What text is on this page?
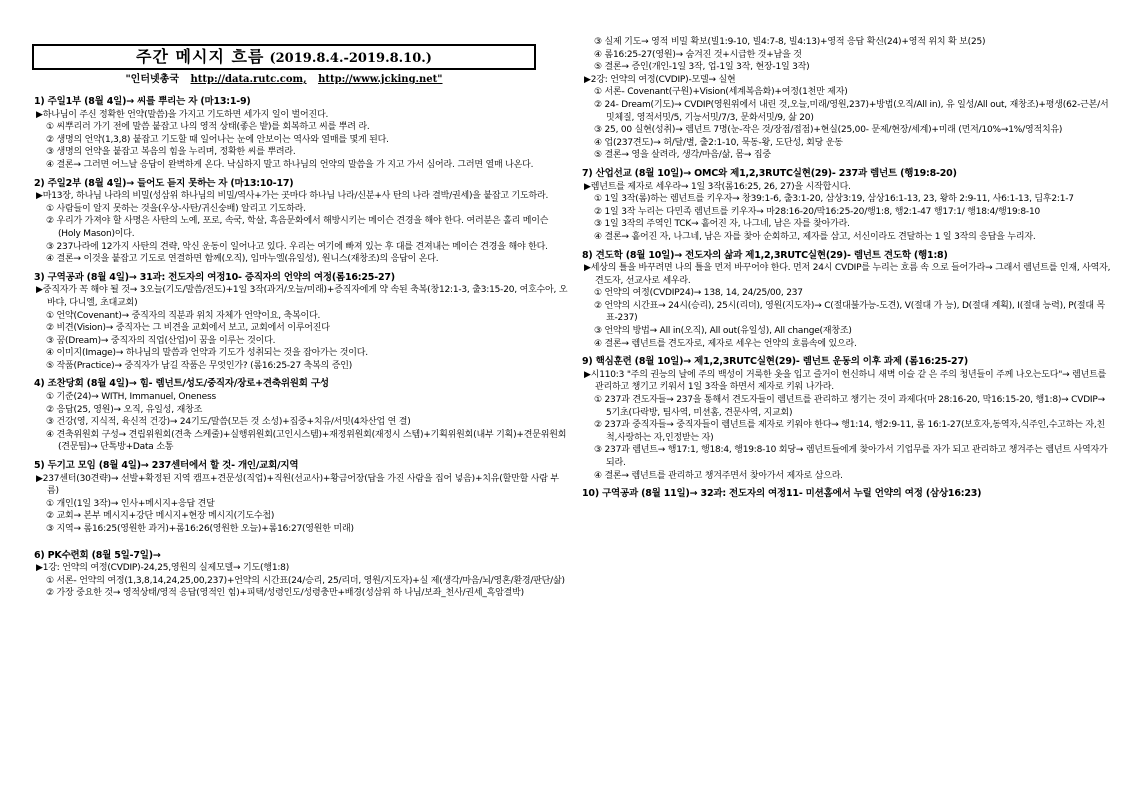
주간 메시지 흐름 (2019.8.4.-2019.8.10.)
"인터넷총국 http://data.rutc.com, http://www.jcking.net"
1) 주일1부 (8월 4일)→ 씨를 뿌리는 자 (마13:1-9)
▶하나님이 주신 정확한 언약(말씀)을 가지고 기도하면 세가지 일이 벌어진다.
① 씨뿌리러 가기 전에 말씀 붙잡고 나의 영적 상태(좋은 밭)를 회복하고 씨를 뿌려 라.
② 생명의 언약(1,3,8) 붙잡고 기도할 때 일어나는 눈에 안보이는 역사와 열매를 몇게 된다.
③ 생명의 언약을 붙잡고 복음의 힘을 누리며, 정확한 씨를 뿌려라.
④ 결론→ 그러면 어느날 응답이 완벽하게 온다. 낙심하지 말고 하나님의 언약의 말씀을 가 지고 가서 심어라. 그러면 열매 나온다.
2) 주일2부 (8월 4일)→ 들어도 듣지 못하는 자 (마13:10-17)
▶마13장, 하나님 나라의 비밀(성삼위 하나님의 비밀/역사+가는 곳마다 하나님 나라/신분+사 탄의 나라 결박/권세)을 붙잡고 기도하라.
① 사람들이 알지 못하는 것을(우상-사탄/귀신숭배) 알리고 기도하라.
② 우리가 가져야 할 사명은 사탄의 노예, 포로, 속국, 학살, 흑음문화에서 해방시키는 메이슨 견경을 해야 한다. 여러분은 홀리 메이슨(Holy Mason)이다.
③ 237나라에 12가지 사탄의 견략, 악신 운동이 일어나고 있다. 우리는 여기에 빠져 있는 후 대를 견져내는 메이슨 견경을 해야 한다.
④ 결론→ 이것을 붙잡고 기도로 연결하면 함께(오직), 임마누엘(유일성), 원니스(재창조)의 응답이 온다.
3) 구역공과 (8월 4일)→ 31과: 전도자의 여정10- 증직자의 언약의 여정(롬16:25-27)
▶중직자가 꼭 해야 될 것→ 3오늘(기도/말씀/전도)+1일 3작(과거/오늘/미래)+증직자에게 약 속된 축복(창12:1-3, 출3:15-20, 여호수아, 오바댜, 다니엘, 초대교회)
① 언약(Covenant)→ 중직자의 직분과 위치 자체가 언약이요, 축복이다.
② 비견(Vision)→ 중직자는 그 비견을 교회에서 보고, 교회에서 이루어진다
③ 꿈(Dream)→ 중직자의 직업(산업)이 꿈을 이루는 것이다.
④ 이미지(Image)→ 하나님의 말씀과 언약과 기도가 성취되는 것을 잡아가는 것이다.
⑤ 작품(Practice)→ 중직자가 남길 작품은 무엇인가? (롬16:25-27 축복의 증인)
4) 조찬당회 (8월 4일)→ 힘- 렘넌트/성도/중직자/장로+견축위원회 구성
① 기준(24)→ WITH, Immanuel, Oneness
② 응답(25, 영원)→ 오직, 유일성, 재창조
③ 건강(영, 지식적, 육신적 건강)→ 24기도/말씀(모든 것 소성)+집중+치유/서밋(4차산업 연 결)
④ 견축위원회 구성→ 견립위원회(견축 스케줄)+실행위원회(고인시스템)+재정위원회(재정시 스템)+기획위원회(내부 기획)+견문위원회(견문팀)→ 단톡방+Data 소통
5) 두기고 모임 (8월 4일)→ 237센터에서 할 것- 개인/교회/지역
▶237센터(30견략)→ 선발+확정된 지역 캠프+견문성(직업)+직원(선교사)+황금어장(답을 가진 사람을 집어 넣음)+치유(할만할 사람 부름)
① 개인(1일 3작)→ 인사+메시지+응답 견달
② 교회→ 본부 메시지+강단 메시지+현장 메시지(기도수첩)
③ 지역→ 롬16:25(영원한 과거)+롬16:26(영원한 오늘)+롬16:27(영원한 미래)
6) PK수련회 (8월 5일-7일)→
▶1강: 언약의 여정(CVDIP)-24,25,영원의 실제모델→ 기도(행1:8)
① 서론- 언약의 여정(1,3,8,14,24,25,00,237)+언약의 시간표(24/승리, 25/리더, 영원/지도자)+실 제(생각/마음/뇌/영혼/환경/판단/삶)
② 가장 중요한 것→ 영적상태/영적 응답(영적인 힘)+피택/성령인도/성령충만+배경(성삼위 하 나님/보좌_천사/권세_흑암결박)
③ 실제 기도→ 영적 비밀 확보(빌1:9-10, 빌4:7-8, 빌4:13)+영적 응답 확신(24)+영적 위치 확 보(25)
④ 롬16:25-27(영원)→ 숨겨진 것+시급한 것+남을 것
⑤ 결론→ 증인(개인-1일 3작, 업-1일 3작, 현장-1일 3작)
▶2강: 언약의 여정(CVDIP)-모델→ 실현
① 서론- Covenant(구원)+Vision(세계복음화)+여정(1천만 제자)
② 24- Dream(기도)→ CVDIP(영원위에서 내린 것,오늘,미래/영원,237)+방법(오직/All in), 유 일성/All out, 재창조)+평생(62-근본/서밋체질, 영적서밋/5, 기능서밋/7/3, 문화서밋/9, 삶 20)
③ 25, 00 실현(성취)→ 렘넌트 7명(눈-작은 것/장점/접점)+현실(25,00- 문제/현장/세계)+미래 (먼저/10%→1%/영적치유)
④ 업(237견도)→ 허/달/별, 출2:1-10, 묵동-왕, 도단성, 회당 운동
⑤ 결론→ 영을 살려라, 생각/마음/삶, 몸→ 집중
7) 산업선교 (8월 10일)→ OMC와 제1,2,3RUTC실현(29)- 237과 렘넌트 (행19:8-20)
▶렘넌트를 제자로 세우라→ 1일 3작(롬16:25, 26, 27)을 시작합시다.
① 1일 3작(롬)하는 렘넌트를 키우자→ 창39:1-6, 출3:1-20, 삼상3:19, 삼상16:1-13, 23, 왕하 2:9-11, 사6:1-13, 딤후2:1-7
② 1일 3작 누리는 다민족 렘넌트를 키우자→ 마28:16-20/막16:25-20/행1:8, 행2:1-47 행17:1/ 행18:4/행19:8-10
③ 1일 3작의 주역인 TCK→ 흩어진 자, 나그네, 남은 자를 찾아가라.
④ 결론→ 흩어진 자, 나그네, 남은 자를 찾아 순회하고, 제자를 삼고, 서신이라도 견달하는 1 일 3작의 응답을 누리자.
8) 견도학 (8월 10일)→ 전도자의 삶과 제1,2,3RUTC실현(29)- 렘넌트 견도학 (행1:8)
▶세상의 틀을 바꾸려면 나의 틀을 먼저 바꾸어야 한다. 먼저 24시 CVDIP를 누리는 흐름 속 으로 들어가라→ 그래서 렘넌트를 인재, 사역자, 견도자, 선교사로 세우라.
① 언약의 여정(CVDIP24)→ 138, 14, 24/25/00, 237
② 언약의 시간표→ 24시(승리), 25시(리더), 영원(지도자)→ C(절대불가능-도견), V(절대 가 능), D(절대 계획), I(절대 능력), P(절대 목표-237)
③ 언약의 방법→ All in(오직), All out(유일성), All change(재창조)
④ 결론→ 렘넌트를 견도자로, 제자로 세우는 언약의 흐름속에 있으라.
9) 핵심훈련 (8월 10일)→ 제1,2,3RUTC실현(29)- 렘넌트 운동의 이후 과제 (롬16:25-27)
▶시110:3 "주의 권능의 날에 주의 백성이 거룩한 옷을 입고 즐거이 헌신하니 새벽 이슬 같 은 주의 청년들이 주께 나오는도다"→ 렘넌트를 관리하고 챙기고 키워서 1일 3작을 하면서 제자로 키워 나가라.
① 237과 견도자들→ 237을 통해서 견도자들이 렘넌트를 관리하고 챙기는 것이 과제다(마 28:16-20, 막16:15-20, 행1:8)→ CVDIP→ 5기초(다락방, 팀사역, 미션홈, 견문사역, 지교회)
② 237과 중직자들→ 중직자들이 렘넌트를 제자로 키워야 한다→ 행1:14, 행2:9-11, 롬 16:1-27(보호자,동역자,식주인,수고하는 자,친척,사랑하는 자,인정받는 자)
③ 237과 렘넌트→ 행17:1, 행18:4, 행19:8-10 회당→ 렘넌트들에게 찾아가서 기업무를 자가 되고 관리하고 챙겨주는 렘넌트 사역자가 되라.
④ 결론→ 렘넌트를 관리하고 챙겨주면서 찾아가서 제자로 삼으라.
10) 구역공과 (8월 11일)→ 32과: 전도자의 여정11- 미션홈에서 누릴 언약의 여정 (삼상16:23)
